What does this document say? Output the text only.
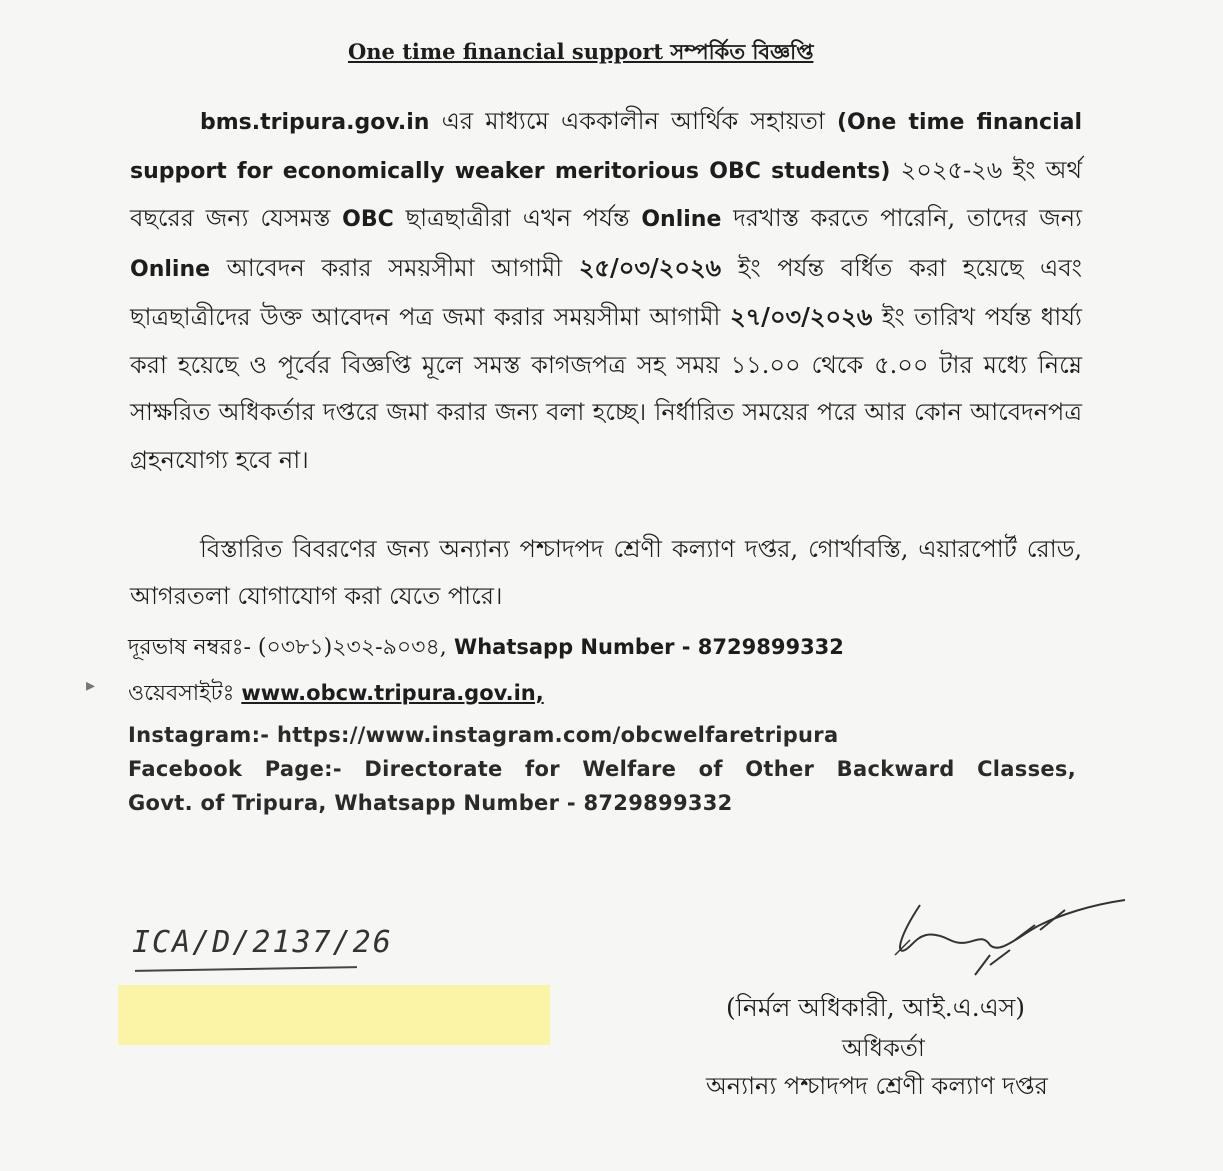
One time financial support সম্পর্কিত বিজ্ঞপ্তি

bms.tripura.gov.in এর মাধ্যমে এককালীন আর্থিক সহায়তা (One time financial support for economically weaker meritorious OBC students) ২০২৫-২৬ ইং অর্থ বছরের জন্য যেসমস্ত OBC ছাত্রছাত্রীরা এখন পর্যন্ত Online দরখাস্ত করতে পারেনি, তাদের জন্য Online আবেদন করার সময়সীমা আগামী ২৫/০৩/২০২৬ ইং পর্যন্ত বর্ধিত করা হয়েছে এবং ছাত্রছাত্রীদের উক্ত আবেদন পত্র জমা করার সময়সীমা আগামী ২৭/০৩/২০২৬ ইং তারিখ পর্যন্ত ধার্য্য করা হয়েছে ও পূর্বের বিজ্ঞপ্তি মূলে সমস্ত কাগজপত্র সহ সময় ১১.০০ থেকে ৫.০০ টার মধ্যে নিম্নে সাক্ষরিত অধিকর্তার দপ্তরে জমা করার জন্য বলা হচ্ছে। নির্ধারিত সময়ের পরে আর কোন আবেদনপত্র গ্রহনযোগ্য হবে না।

বিস্তারিত বিবরণের জন্য অন্যান্য পশ্চাদপদ শ্রেণী কল্যাণ দপ্তর, গোর্খাবস্তি, এয়ারপোর্ট রোড, আগরতলা যোগাযোগ করা যেতে পারে।

দূরভাষ নম্বরঃ- (০৩৮১)২৩২-৯০৩৪, Whatsapp Number - 8729899332

ওয়েবসাইটঃ www.obcw.tripura.gov.in,

Instagram:- https://www.instagram.com/obcwelfaretripura
Facebook Page:- Directorate for Welfare of Other Backward Classes,
Govt. of Tripura, Whatsapp Number - 8729899332
ICA/D/2137/26
(নির্মল অধিকারী, আই.এ.এস)
অধিকর্তা
অন্যান্য পশ্চাদপদ শ্রেণী কল্যাণ দপ্তর
▸
